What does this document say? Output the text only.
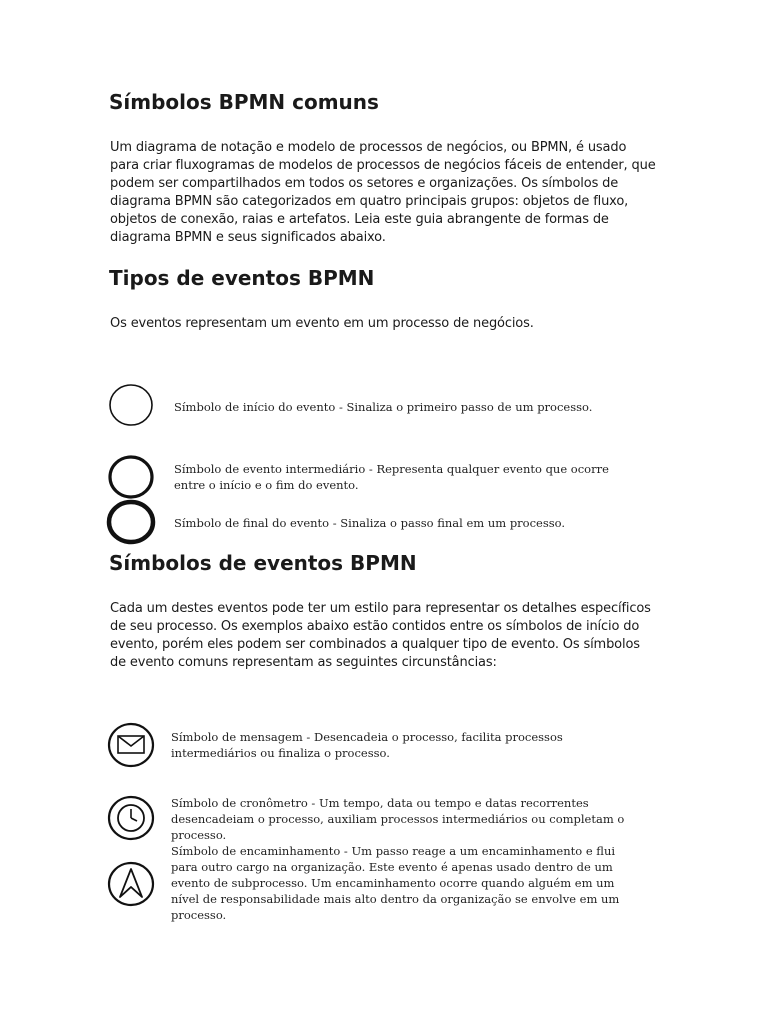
Símbolos BPMN comuns

Um diagrama de notação e modelo de processos de negócios, ou BPMN, é usado para criar fluxogramas de modelos de processos de negócios fáceis de entender, que podem ser compartilhados em todos os setores e organizações. Os símbolos de diagrama BPMN são categorizados em quatro principais grupos: objetos de fluxo, objetos de conexão, raias e artefatos. Leia este guia abrangente de formas de diagrama BPMN e seus significados abaixo.

Tipos de eventos BPMN

Os eventos representam um evento em um processo de negócios.

Símbolo de início do evento - Sinaliza o primeiro passo de um processo.

Símbolo de evento intermediário - Representa qualquer evento que ocorre entre o início e o fim do evento.

Símbolo de final do evento - Sinaliza o passo final em um processo.

Símbolos de eventos BPMN

Cada um destes eventos pode ter um estilo para representar os detalhes específicos de seu processo. Os exemplos abaixo estão contidos entre os símbolos de início do evento, porém eles podem ser combinados a qualquer tipo de evento. Os símbolos de evento comuns representam as seguintes circunstâncias:

Símbolo de mensagem - Desencadeia o processo, facilita processos intermediários ou finaliza o processo.

Símbolo de cronômetro - Um tempo, data ou tempo e datas recorrentes desencadeiam o processo, auxiliam processos intermediários ou completam o processo.

Símbolo de encaminhamento - Um passo reage a um encaminhamento e flui para outro cargo na organização. Este evento é apenas usado dentro de um evento de subprocesso. Um encaminhamento ocorre quando alguém em um nível de responsabilidade mais alto dentro da organização se envolve em um processo.
